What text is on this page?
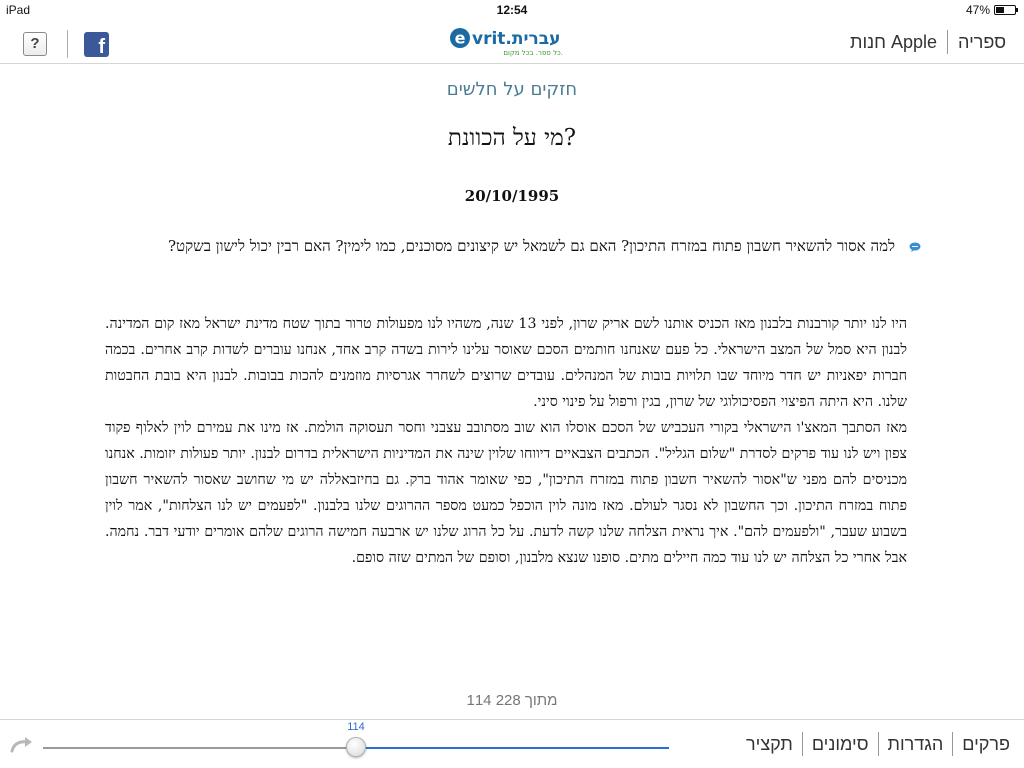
iPad	12:54	47%
?	f	e vrit.עברית
כל ספר. בכל מקום.
חנות Apple ספריה
חזקים על חלשים
מי על הכוונת?
20/10/1995
למה אסור להשאיר חשבון פתוח במזרח התיכון? האם גם לשמאל יש קיצונים מסוכנים, כמו לימין? האם רבין יכול לישון בשקט?

היו לנו יותר קורבנות בלבנון מאז הכניס אותנו לשם אריק שרון, לפני 13 שנה, משהיו לנו מפעולות טרור בתוך שטח מדינת ישראל מאז קום המדינה. לבנון היא סמל של המצב הישראלי. כל פעם שאנחנו חותמים הסכם שאוסר עלינו לירות בשדה קרב אחד, אנחנו עוברים לשדות קרב אחרים. בכמה חברות יפאניות יש חדר מיוחד שבו תלויות בובות של המנהלים. עובדים שרוצים לשחרר אגרסיות מוזמנים להכות בבובות. לבנון היא בובת החבטות שלנו. היא היתה הפיצוי הפסיכולוגי של שרון, בגין ורפול על פינוי סיני.

מאז הסתבך המאצ'ו הישראלי בקורי העכביש של הסכם אוסלו הוא שוב מסתובב עצבני וחסר תעסוקה הולמת. אז מינו את עמירם לוין לאלוף פקוד צפון ויש לנו עוד פרקים לסדרת "שלום הגליל". הכתבים הצבאיים דיווחו שלוין שינה את המדיניות הישראלית בדרום לבנון. יותר פעולות יזומות. אנחנו מכניסים להם מפני ש"אסור להשאיר חשבון פתוח במזרח התיכון", כפי שאומר אהוד ברק. גם בחיזבאללה יש מי שחושב שאסור להשאיר חשבון פתוח במזרח התיכון. וכך החשבון לא נסגר לעולם. מאז מונה לוין הוכפל כמעט מספר ההרוגים שלנו בלבנון. "לפעמים יש לנו הצלחות", אמר לוין בשבוע שעבר, "ולפעמים להם". איך נראית הצלחה שלנו קשה לדעת. על כל הרוג שלנו יש ארבעה חמישה הרוגים שלהם אומרים יודעי דבר. נחמה. אבל אחרי כל הצלחה יש לנו עוד כמה חיילים מתים. סופנו שנצא מלבנון, וסופם של המתים שזה סופם.

114 מתוך 228
114
תקציר סימונים הגדרות פרקים
